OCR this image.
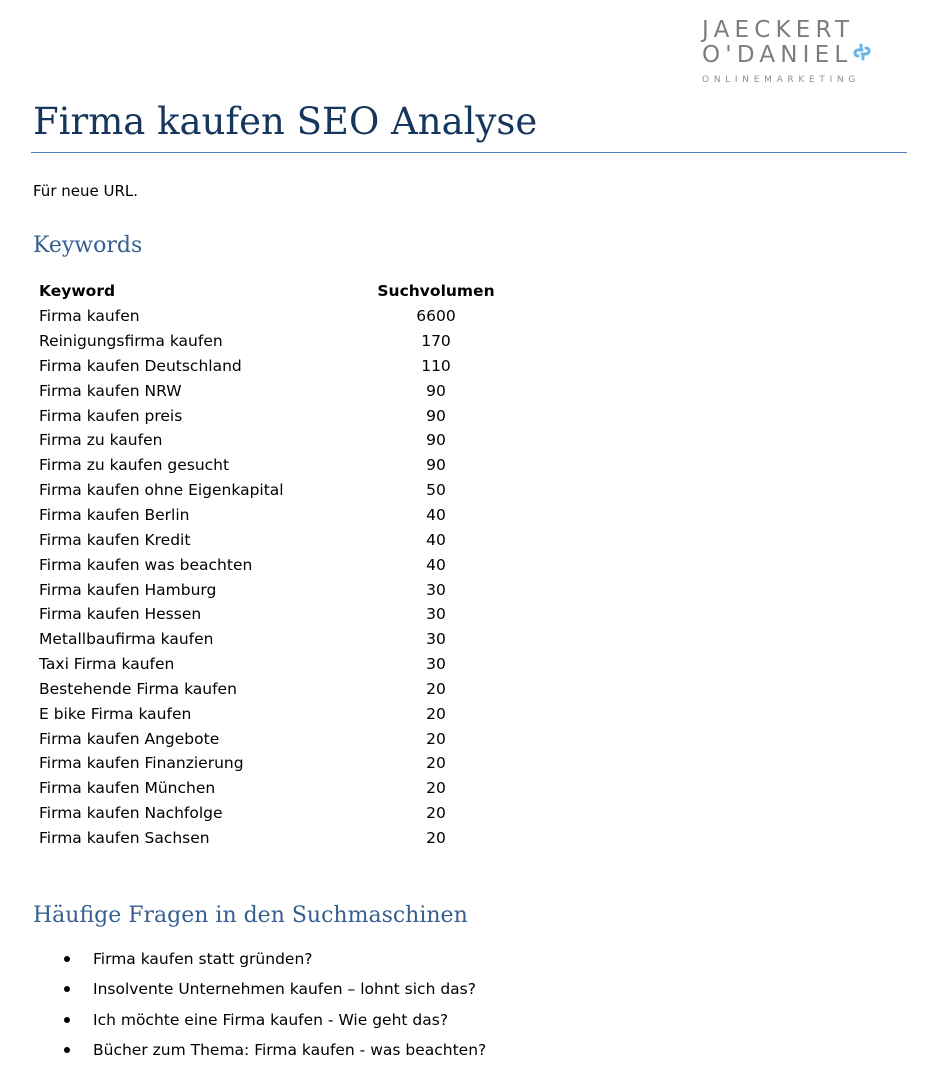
JAECKERT
O'DANIEL
ONLINEMARKETING
Firma kaufen SEO Analyse

Für neue URL.

Keywords
Keyword	Suchvolumen
Firma kaufen	6600
Reinigungsfirma kaufen	170
Firma kaufen Deutschland	110
Firma kaufen NRW	90
Firma kaufen preis	90
Firma zu kaufen	90
Firma zu kaufen gesucht	90
Firma kaufen ohne Eigenkapital	50
Firma kaufen Berlin	40
Firma kaufen Kredit	40
Firma kaufen was beachten	40
Firma kaufen Hamburg	30
Firma kaufen Hessen	30
Metallbaufirma kaufen	30
Taxi Firma kaufen	30
Bestehende Firma kaufen	20
E bike Firma kaufen	20
Firma kaufen Angebote	20
Firma kaufen Finanzierung	20
Firma kaufen München	20
Firma kaufen Nachfolge	20
Firma kaufen Sachsen	20
Häufige Fragen in den Suchmaschinen
Firma kaufen statt gründen?
Insolvente Unternehmen kaufen – lohnt sich das?
Ich möchte eine Firma kaufen - Wie geht das?
Bücher zum Thema: Firma kaufen - was beachten?
